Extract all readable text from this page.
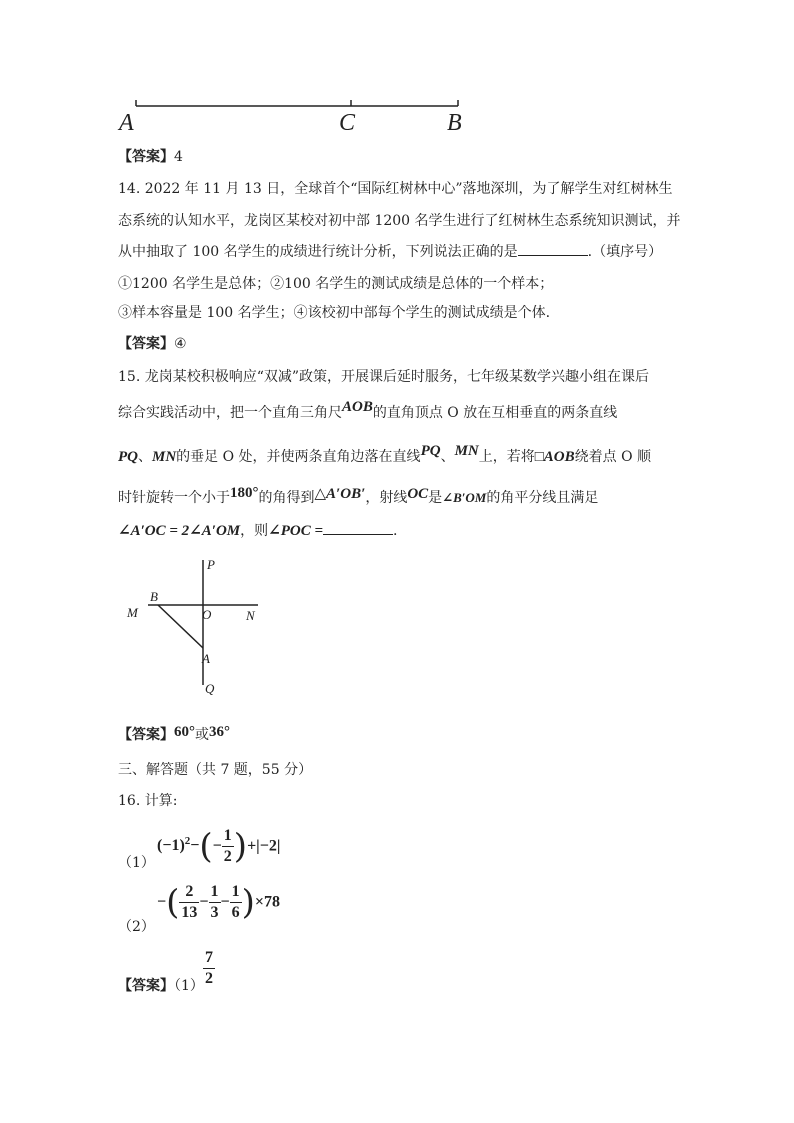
A	C	B
【答案】4
14. 2022 年 11 月 13 日，全球首个“国际红树林中心”落地深圳，为了解学生对红树林生
态系统的认知水平，龙岗区某校对初中部 1200 名学生进行了红树林生态系统知识测试，并
从中抽取了 100 名学生的成绩进行统计分析，下列说法正确的是	.（填序号）
①1200 名学生是总体；②100 名学生的测试成绩是总体的一个样本；
③样本容量是 100 名学生；④该校初中部每个学生的测试成绩是个体.
【答案】④
15. 龙岗某校积极响应“双减”政策，开展课后延时服务，七年级某数学兴趣小组在课后
综合实践活动中，把一个直角三角尺AOB的直角顶点 O 放在互相垂直的两条直线
PQ、MN的垂足 O 处，并使两条直角边落在直线PQ、MN上，若将□AOB绕着点 O 顺
时针旋转一个小于180°的角得到△A′OB′，射线OC是∠B′OM的角平分线且满足
∠A′OC = 2∠A′OM，则∠POC =	.
P
B
M	O	N
A
Q
【答案】60°或36°
三、解答题（共 7 题，55 分）
16. 计算:
（1）
$(-1)^2-(- \frac{1}{2} )+|-2|$
（2）
−( $\frac{2}{13} - \frac{1}{3} - \frac{1}{6} )\times 78$
【答案】$(1) \frac{7}{2}$
